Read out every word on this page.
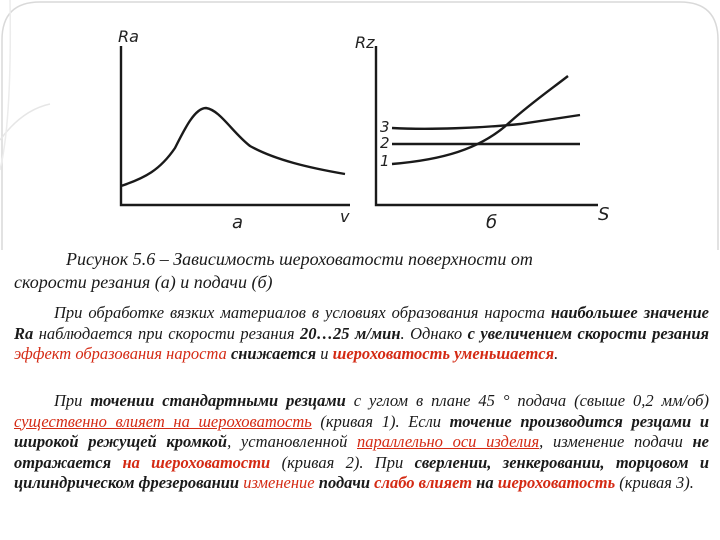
Ra
v
а
Rz
S
б
3
2
1
Рисунок 5.6 – Зависимость шероховатости поверхности от
скорости резания (а) и подачи (б)
При обработке вязких материалов в условиях образования нароста наибольшее значение Ra наблюдается при скорости резания 20…25 м/мин. Однако с увеличением скорости резания эффект образования нароста снижается и шероховатость уменьшается.
При точении стандартными резцами с углом в плане 45 ° подача (свыше 0,2 мм/об) существенно влияет на шероховатость (кривая 1). Если точение производится резцами и широкой режущей кромкой, установленной параллельно оси изделия, изменение подачи не отражается на шероховатости (кривая 2). При сверлении, зенкеровании, торцовом и цилиндрическом фрезеровании изменение подачи слабо влияет на шероховатость (кривая 3).
